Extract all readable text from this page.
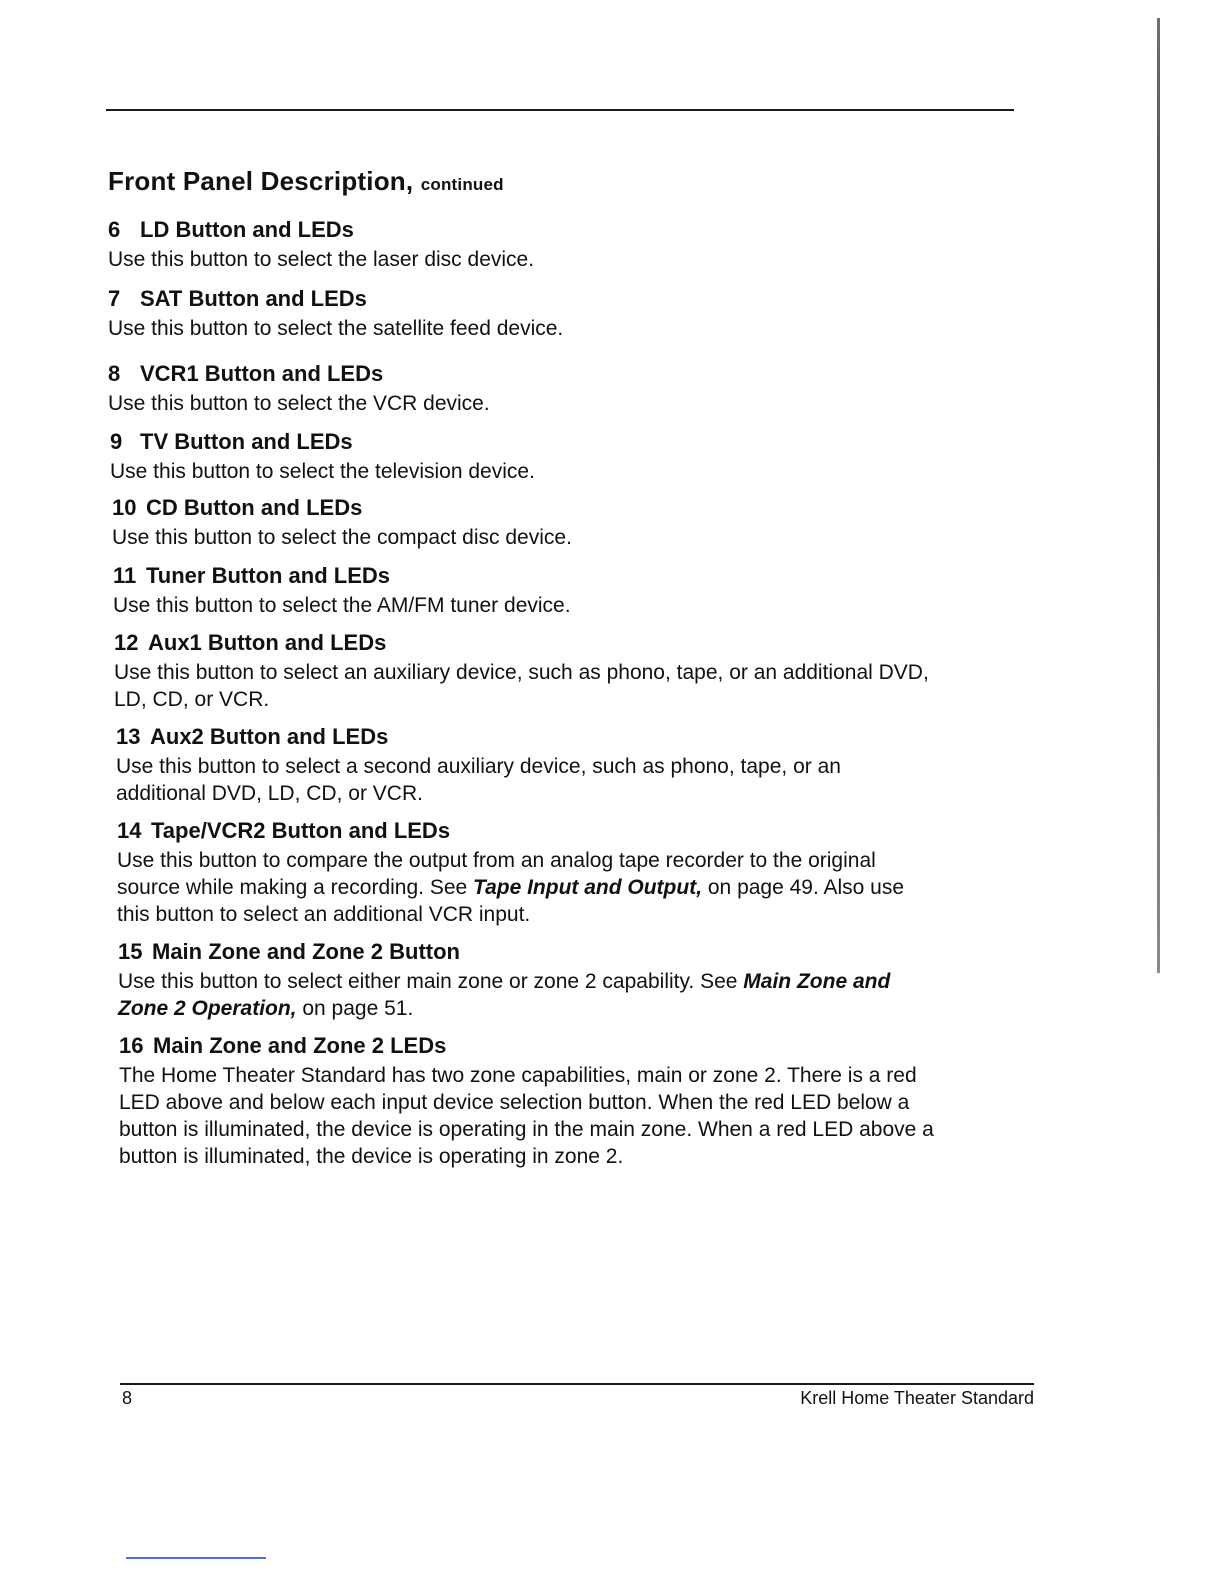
Front Panel Description, continued
6 LD Button and LEDs

Use this button to select the laser disc device.

7 SAT Button and LEDs

Use this button to select the satellite feed device.

8 VCR1 Button and LEDs

Use this button to select the VCR device.

9 TV Button and LEDs

Use this button to select the television device.

10 CD Button and LEDs

Use this button to select the compact disc device.

11 Tuner Button and LEDs

Use this button to select the AM/FM tuner device.

12 Aux1 Button and LEDs

Use this button to select an auxiliary device, such as phono, tape, or an additional DVD,
LD, CD, or VCR.

13 Aux2 Button and LEDs

Use this button to select a second auxiliary device, such as phono, tape, or an
additional DVD, LD, CD, or VCR.

14 Tape/VCR2 Button and LEDs

Use this button to compare the output from an analog tape recorder to the original
source while making a recording. See Tape Input and Output, on page 49. Also use
this button to select an additional VCR input.

15 Main Zone and Zone 2 Button

Use this button to select either main zone or zone 2 capability. See Main Zone and
Zone 2 Operation, on page 51.

16 Main Zone and Zone 2 LEDs

The Home Theater Standard has two zone capabilities, main or zone 2. There is a red
LED above and below each input device selection button. When the red LED below a
button is illuminated, the device is operating in the main zone. When a red LED above a
button is illuminated, the device is operating in zone 2.

8	Krell Home Theater Standard
